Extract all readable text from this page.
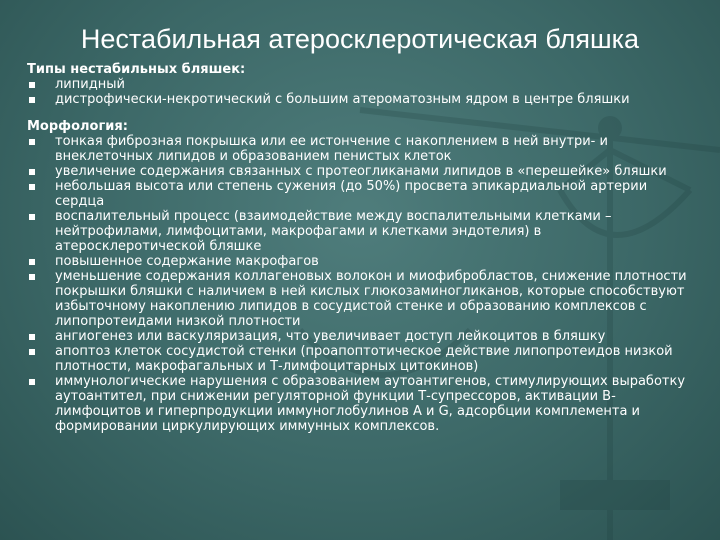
Нестабильная атеросклеротическая бляшка
Типы нестабильных бляшек:
липидный
дистрофически-некротический с большим атероматозным ядром в центре бляшки
Морфология:
тонкая фиброзная покрышка или ее истончение с накоплением в ней внутри- и внеклеточных липидов и образованием пенистых клеток
увеличение содержания связанных с протеогликанами липидов в «перешейке» бляшки
небольшая высота или степень сужения (до 50%) просвета эпикардиальной артерии сердца
воспалительный процесс (взаимодействие между воспалительными клетками – нейтрофилами, лимфоцитами, макрофагами и клетками эндотелия) в атеросклеротической бляшке
повышенное содержание макрофагов
уменьшение содержания коллагеновых волокон и миофибробластов, снижение плотности покрышки бляшки с наличием в ней кислых глюкозаминогликанов, которые способствуют избыточному накоплению липидов в сосудистой стенке и образованию комплексов с липопротеидами низкой плотности
ангиогенез или васкуляризация, что увеличивает доступ лейкоцитов в бляшку
апоптоз клеток сосудистой стенки (проапоптотическое действие липопротеидов низкой плотности, макрофагальных и Т-лимфоцитарных цитокинов)
иммунологические нарушения с образованием аутоантигенов, стимулирующих выработку аутоантител, при снижении регуляторной функции Т-супрессоров, активации В-лимфоцитов и гиперпродукции иммуноглобулинов А и G, адсорбции комплемента и формировании циркулирующих иммунных комплексов.
